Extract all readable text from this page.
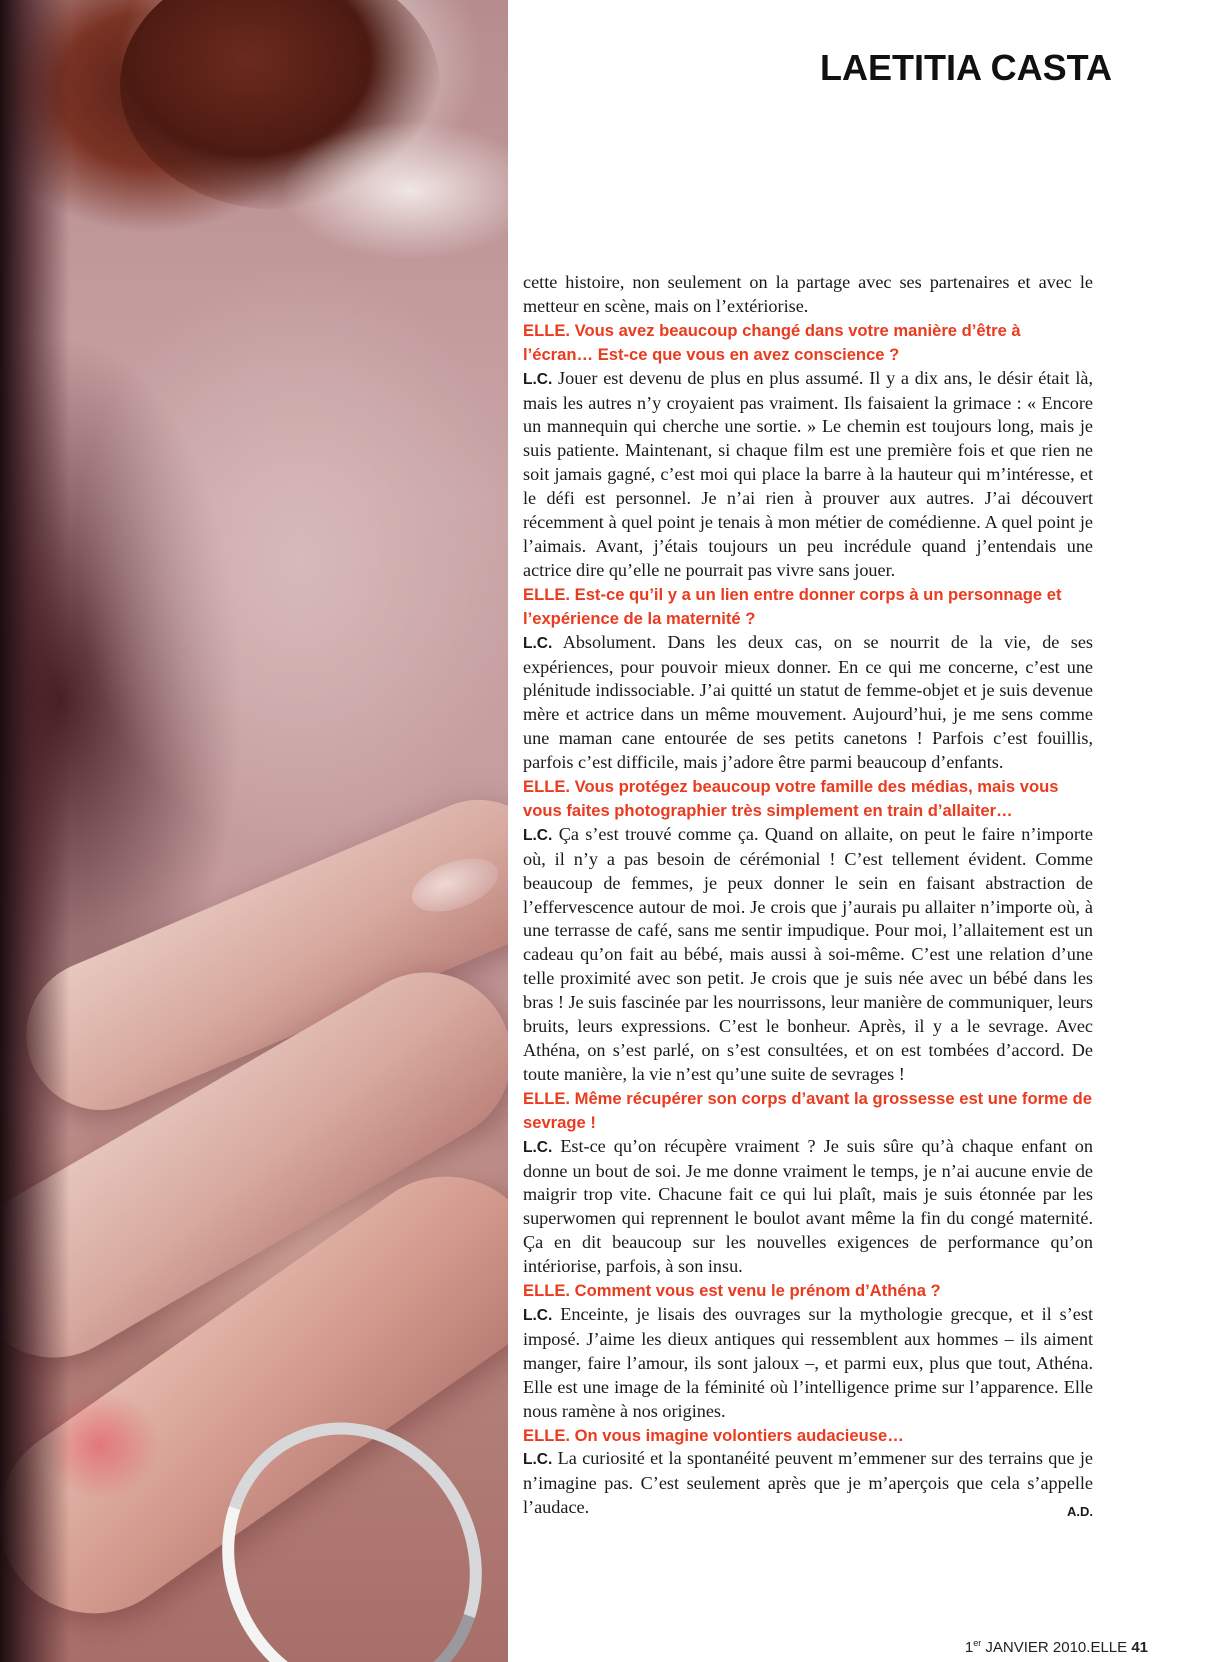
LAETITIA CASTA

cette histoire, non seulement on la partage avec ses partenaires et avec le metteur en scène, mais on l’extériorise.

ELLE. Vous avez beaucoup changé dans votre manière d’être à l’écran… Est-ce que vous en avez conscience ?

L.C. Jouer est devenu de plus en plus assumé. Il y a dix ans, le désir était là, mais les autres n’y croyaient pas vraiment. Ils faisaient la grimace : « Encore un mannequin qui cherche une sortie. » Le chemin est toujours long, mais je suis patiente. Maintenant, si chaque film est une première fois et que rien ne soit jamais gagné, c’est moi qui place la barre à la hauteur qui m’intéresse, et le défi est personnel. Je n’ai rien à prouver aux autres. J’ai découvert récemment à quel point je tenais à mon métier de comédienne. A quel point je l’aimais. Avant, j’étais toujours un peu incrédule quand j’entendais une actrice dire qu’elle ne pourrait pas vivre sans jouer.

ELLE. Est-ce qu’il y a un lien entre donner corps à un personnage et l’expérience de la maternité ?

L.C. Absolument. Dans les deux cas, on se nourrit de la vie, de ses expériences, pour pouvoir mieux donner. En ce qui me concerne, c’est une plénitude indissociable. J’ai quitté un statut de femme-objet et je suis devenue mère et actrice dans un même mouvement. Aujourd’hui, je me sens comme une maman cane entourée de ses petits canetons ! Parfois c’est fouillis, parfois c’est difficile, mais j’adore être parmi beaucoup d’enfants.

ELLE. Vous protégez beaucoup votre famille des médias, mais vous vous faites photographier très simplement en train d’allaiter…

L.C. Ça s’est trouvé comme ça. Quand on allaite, on peut le faire n’importe où, il n’y a pas besoin de cérémonial ! C’est tellement évident. Comme beaucoup de femmes, je peux donner le sein en faisant abstraction de l’effervescence autour de moi. Je crois que j’aurais pu allaiter n’importe où, à une terrasse de café, sans me sentir impudique. Pour moi, l’allaitement est un cadeau qu’on fait au bébé, mais aussi à soi-même. C’est une relation d’une telle proximité avec son petit. Je crois que je suis née avec un bébé dans les bras ! Je suis fascinée par les nourrissons, leur manière de communiquer, leurs bruits, leurs expressions. C’est le bonheur. Après, il y a le sevrage. Avec Athéna, on s’est parlé, on s’est consultées, et on est tombées d’accord. De toute manière, la vie n’est qu’une suite de sevrages !

ELLE. Même récupérer son corps d’avant la grossesse est une forme de sevrage !

L.C. Est-ce qu’on récupère vraiment ? Je suis sûre qu’à chaque enfant on donne un bout de soi. Je me donne vraiment le temps, je n’ai aucune envie de maigrir trop vite. Chacune fait ce qui lui plaît, mais je suis étonnée par les superwomen qui reprennent le boulot avant même la fin du congé maternité. Ça en dit beaucoup sur les nouvelles exigences de performance qu’on intériorise, parfois, à son insu.

ELLE. Comment vous est venu le prénom d’Athéna ?

L.C. Enceinte, je lisais des ouvrages sur la mythologie grecque, et il s’est imposé. J’aime les dieux antiques qui ressemblent aux hommes – ils aiment manger, faire l’amour, ils sont jaloux –, et parmi eux, plus que tout, Athéna. Elle est une image de la féminité où l’intelligence prime sur l’apparence. Elle nous ramène à nos origines.

ELLE. On vous imagine volontiers audacieuse…

L.C. La curiosité et la spontanéité peuvent m’emmener sur des terrains que je n’imagine pas. C’est seulement après que je m’aperçois que cela s’appelle l’audace.	A.D.

1er JANVIER 2010.ELLE 41
